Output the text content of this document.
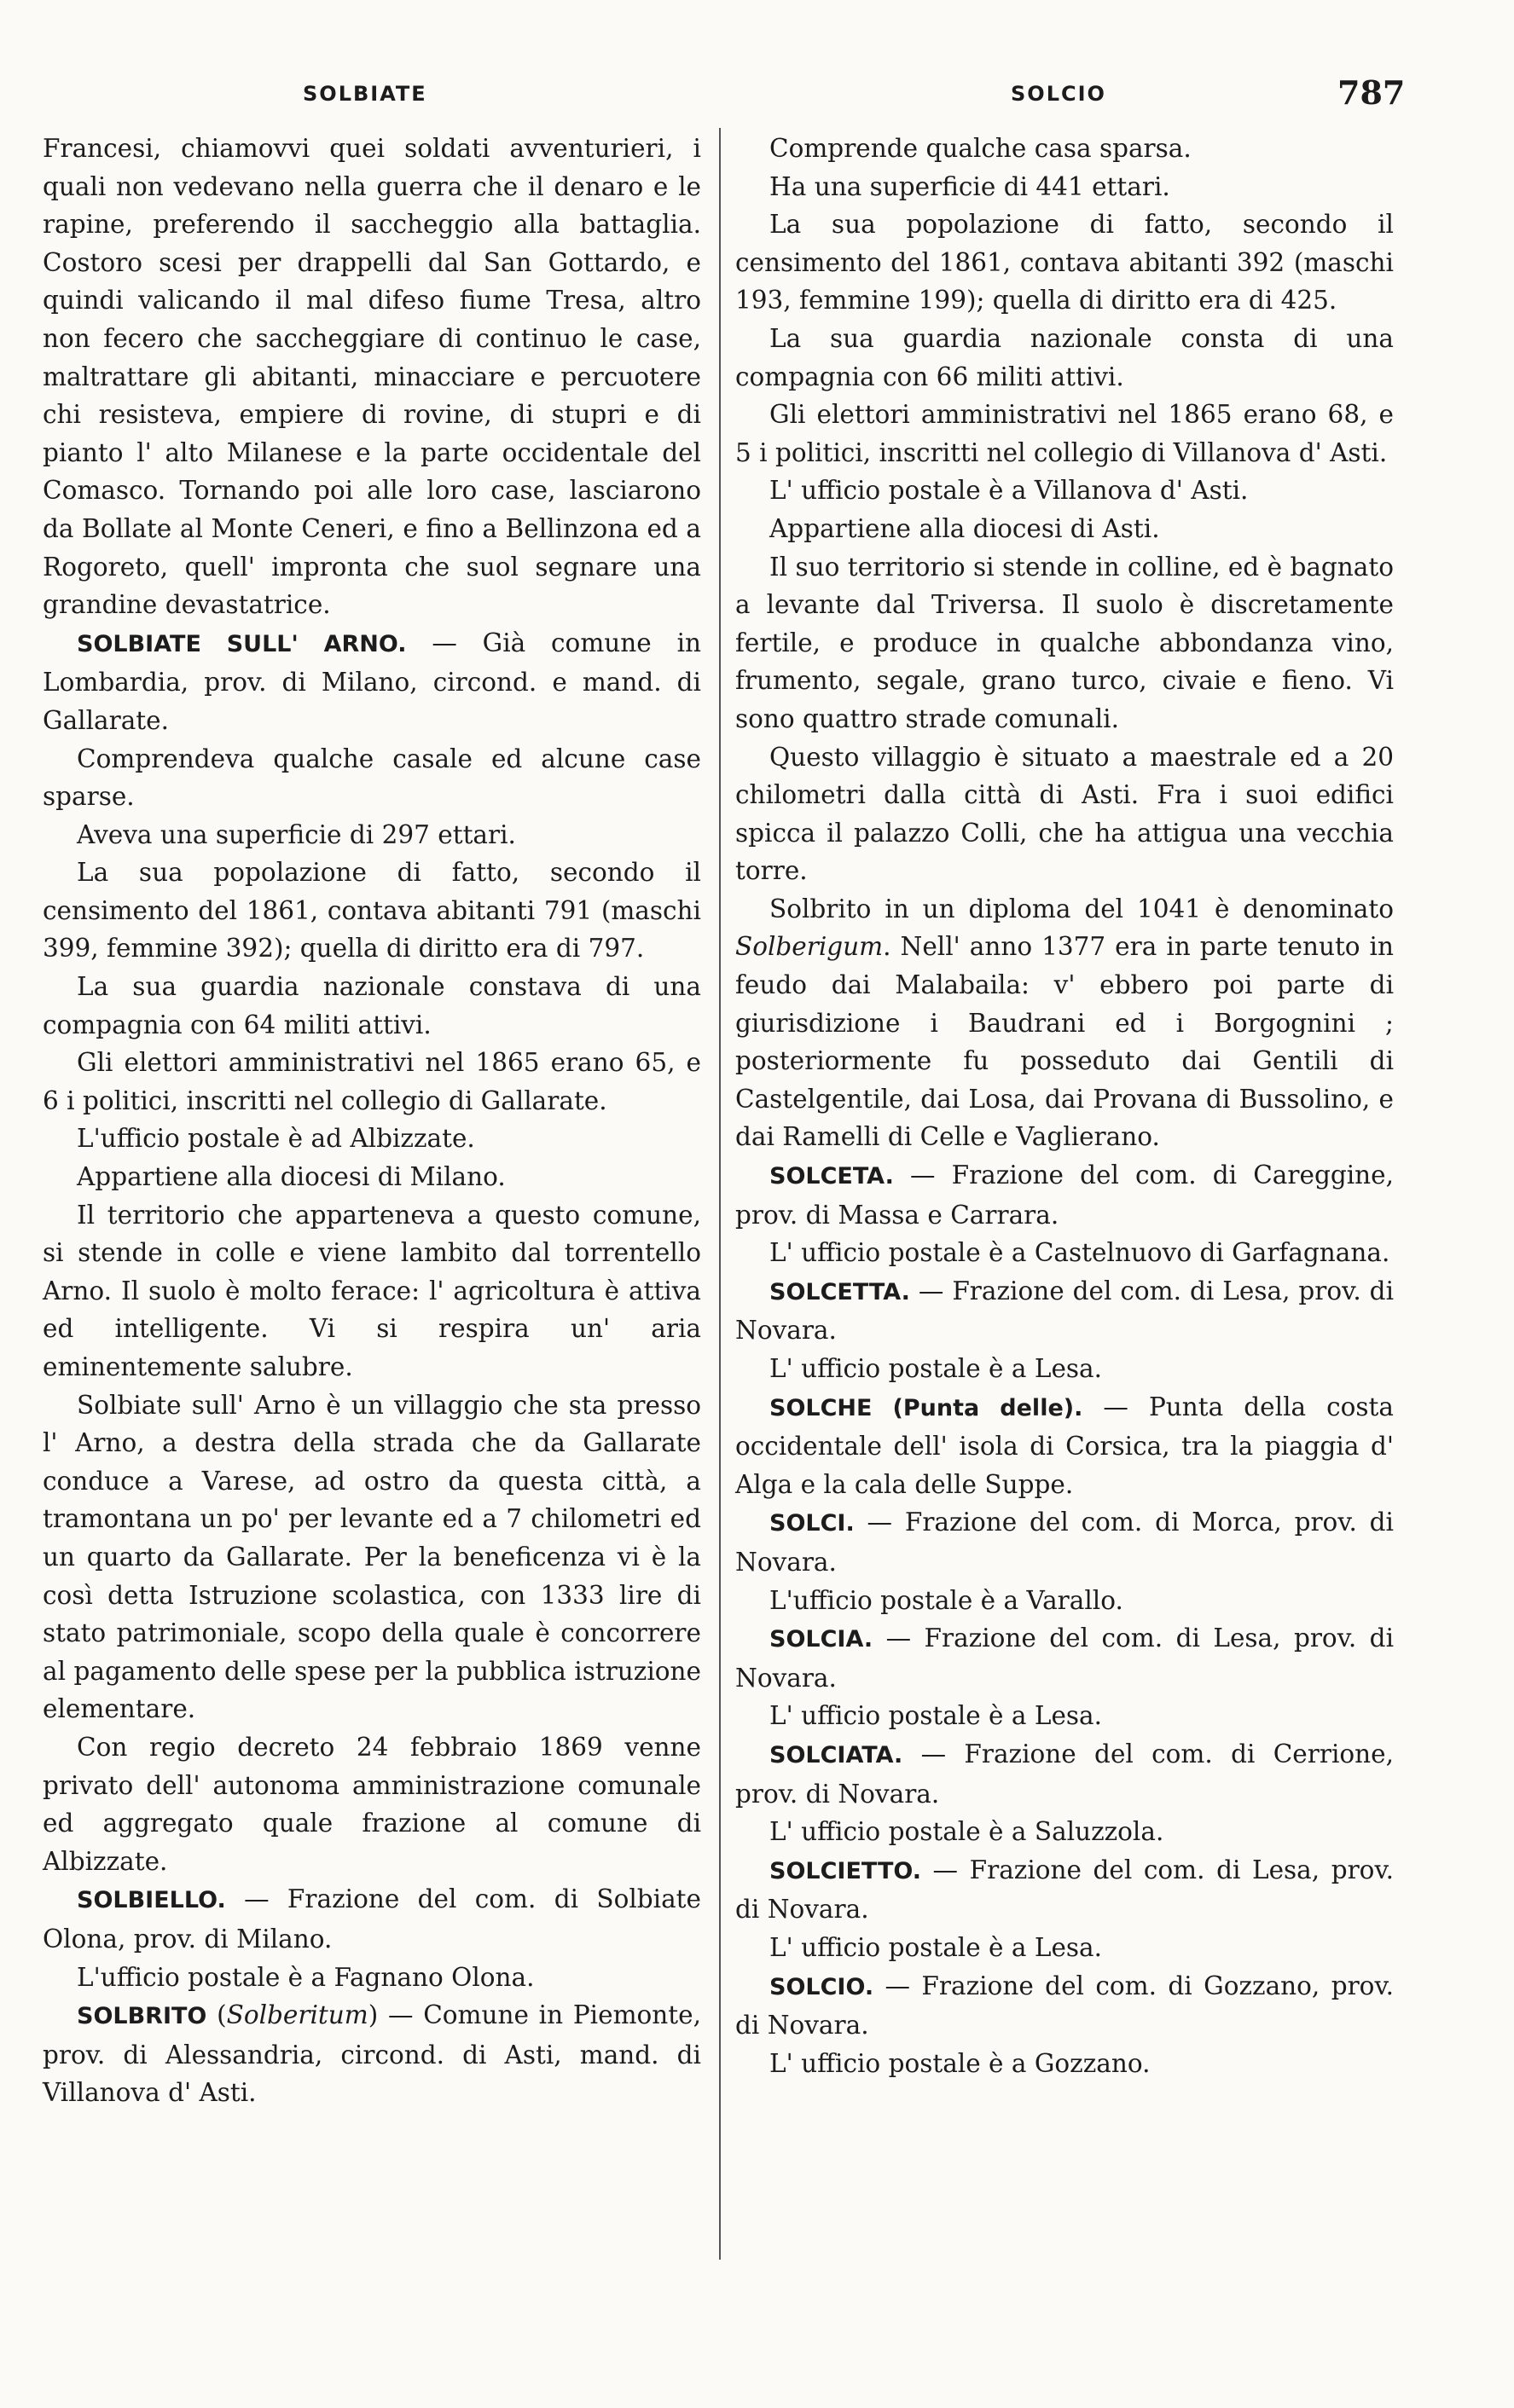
SOLBIATE	SOLCIO	787

Francesi, chiamovvi quei soldati avventurieri, i quali non vedevano nella guerra che il denaro e le rapine, preferendo il saccheggio alla battaglia. Costoro scesi per drappelli dal San Gottardo, e quindi valicando il mal difeso fiume Tresa, altro non fecero che saccheggiare di continuo le case, maltrattare gli abitanti, minacciare e percuotere chi resisteva, empiere di rovine, di stupri e di pianto l' alto Milanese e la parte occidentale del Comasco. Tornando poi alle loro case, lasciarono da Bollate al Monte Ceneri, e fino a Bellinzona ed a Rogoreto, quell' impronta che suol segnare una grandine devastatrice.

SOLBIATE SULL' ARNO. — Già comune in Lombardia, prov. di Milano, circond. e mand. di Gallarate.

Comprendeva qualche casale ed alcune case sparse.

Aveva una superficie di 297 ettari.

La sua popolazione di fatto, secondo il censimento del 1861, contava abitanti 791 (maschi 399, femmine 392); quella di diritto era di 797.

La sua guardia nazionale constava di una compagnia con 64 militi attivi.

Gli elettori amministrativi nel 1865 erano 65, e 6 i politici, inscritti nel collegio di Gallarate.

L'ufficio postale è ad Albizzate.

Appartiene alla diocesi di Milano.

Il territorio che apparteneva a questo comune, si stende in colle e viene lambito dal torrentello Arno. Il suolo è molto ferace: l' agricoltura è attiva ed intelligente. Vi si respira un' aria eminentemente salubre.

Solbiate sull' Arno è un villaggio che sta presso l' Arno, a destra della strada che da Gallarate conduce a Varese, ad ostro da questa città, a tramontana un po' per levante ed a 7 chilometri ed un quarto da Gallarate. Per la beneficenza vi è la così detta Istruzione scolastica, con 1333 lire di stato patrimoniale, scopo della quale è concorrere al pagamento delle spese per la pubblica istruzione elementare.

Con regio decreto 24 febbraio 1869 venne privato dell' autonoma amministrazione comunale ed aggregato quale frazione al comune di Albizzate.

SOLBIELLO. — Frazione del com. di Solbiate Olona, prov. di Milano.

L'ufficio postale è a Fagnano Olona.

SOLBRITO (Solberitum) — Comune in Piemonte, prov. di Alessandria, circond. di Asti, mand. di Villanova d' Asti.

Comprende qualche casa sparsa.

Ha una superficie di 441 ettari.

La sua popolazione di fatto, secondo il censimento del 1861, contava abitanti 392 (maschi 193, femmine 199); quella di diritto era di 425.

La sua guardia nazionale consta di una compagnia con 66 militi attivi.

Gli elettori amministrativi nel 1865 erano 68, e 5 i politici, inscritti nel collegio di Villanova d' Asti.

L' ufficio postale è a Villanova d' Asti.

Appartiene alla diocesi di Asti.

Il suo territorio si stende in colline, ed è bagnato a levante dal Triversa. Il suolo è discretamente fertile, e produce in qualche abbondanza vino, frumento, segale, grano turco, civaie e fieno. Vi sono quattro strade comunali.

Questo villaggio è situato a maestrale ed a 20 chilometri dalla città di Asti. Fra i suoi edifici spicca il palazzo Colli, che ha attigua una vecchia torre.

Solbrito in un diploma del 1041 è denominato Solberigum. Nell' anno 1377 era in parte tenuto in feudo dai Malabaila: v' ebbero poi parte di giurisdizione i Baudrani ed i Borgognini ; posteriormente fu posseduto dai Gentili di Castelgentile, dai Losa, dai Provana di Bussolino, e dai Ramelli di Celle e Vaglierano.

SOLCETA. — Frazione del com. di Careggine, prov. di Massa e Carrara.

L' ufficio postale è a Castelnuovo di Garfagnana.

SOLCETTA. — Frazione del com. di Lesa, prov. di Novara.

L' ufficio postale è a Lesa.

SOLCHE (Punta delle). — Punta della costa occidentale dell' isola di Corsica, tra la piaggia d' Alga e la cala delle Suppe.

SOLCI. — Frazione del com. di Morca, prov. di Novara.

L'ufficio postale è a Varallo.

SOLCIA. — Frazione del com. di Lesa, prov. di Novara.

L' ufficio postale è a Lesa.

SOLCIATA. — Frazione del com. di Cerrione, prov. di Novara.

L' ufficio postale è a Saluzzola.

SOLCIETTO. — Frazione del com. di Lesa, prov. di Novara.

L' ufficio postale è a Lesa.

SOLCIO. — Frazione del com. di Gozzano, prov. di Novara.

L' ufficio postale è a Gozzano.
